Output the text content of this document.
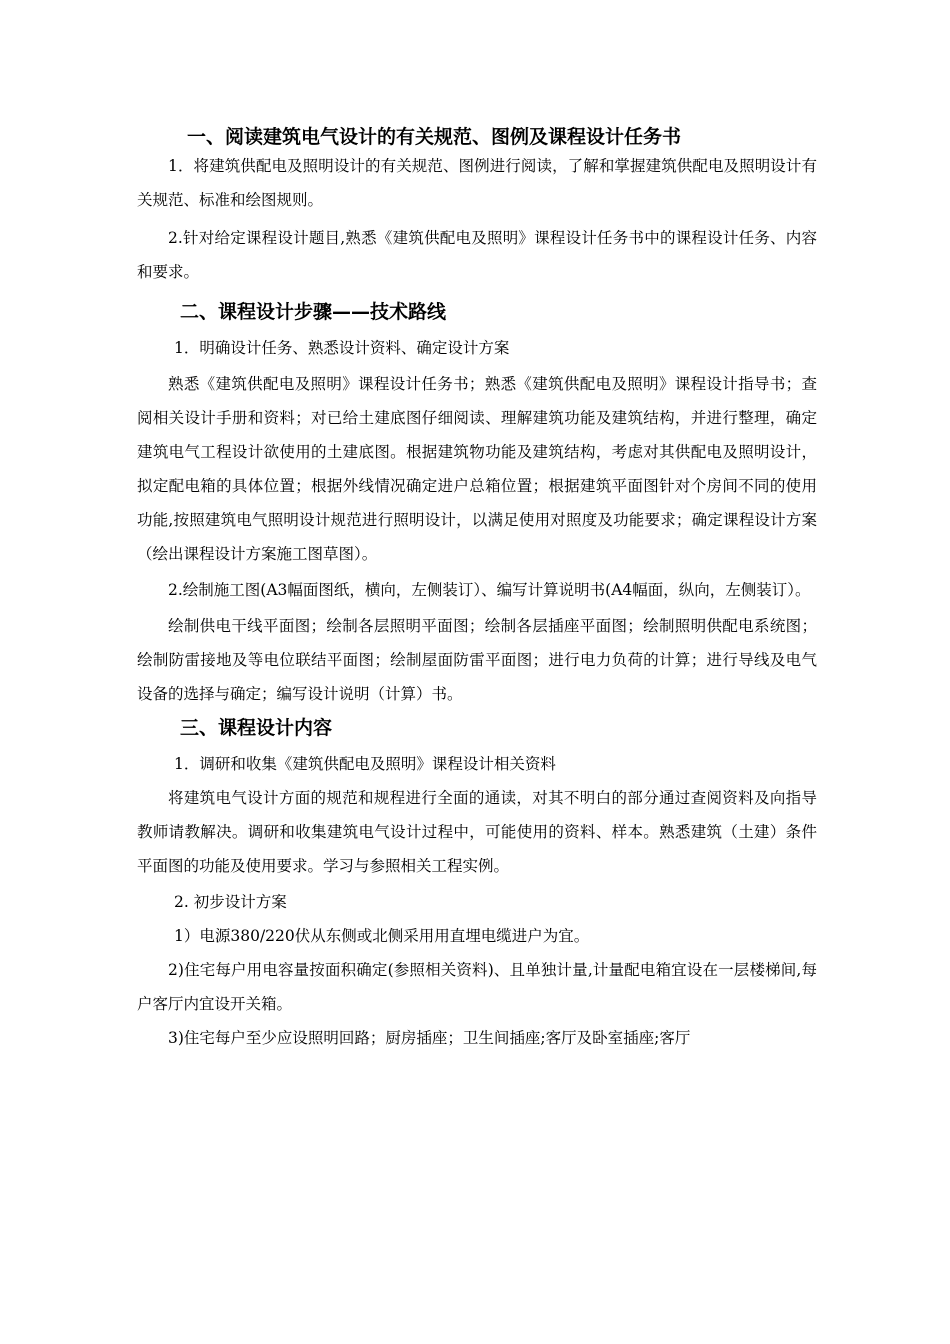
一、阅读建筑电气设计的有关规范、图例及课程设计任务书

1．将建筑供配电及照明设计的有关规范、图例进行阅读，了解和掌握建筑供配电及照明设计有关规范、标准和绘图规则。

2.针对给定课程设计题目,熟悉《建筑供配电及照明》课程设计任务书中的课程设计任务、内容和要求。

二、课程设计步骤——技术路线

1．明确设计任务、熟悉设计资料、确定设计方案

熟悉《建筑供配电及照明》课程设计任务书；熟悉《建筑供配电及照明》课程设计指导书；查阅相关设计手册和资料；对已给土建底图仔细阅读、理解建筑功能及建筑结构，并进行整理，确定建筑电气工程设计欲使用的土建底图。根据建筑物功能及建筑结构，考虑对其供配电及照明设计，拟定配电箱的具体位置；根据外线情况确定进户总箱位置；根据建筑平面图针对个房间不同的使用功能,按照建筑电气照明设计规范进行照明设计，以满足使用对照度及功能要求；确定课程设计方案（绘出课程设计方案施工图草图）。

2.绘制施工图(A3幅面图纸，横向，左侧装订）、编写计算说明书(A4幅面，纵向，左侧装订）。

绘制供电干线平面图；绘制各层照明平面图；绘制各层插座平面图；绘制照明供配电系统图；绘制防雷接地及等电位联结平面图；绘制屋面防雷平面图；进行电力负荷的计算；进行导线及电气设备的选择与确定；编写设计说明（计算）书。

三、课程设计内容

1．调研和收集《建筑供配电及照明》课程设计相关资料

将建筑电气设计方面的规范和规程进行全面的通读，对其不明白的部分通过查阅资料及向指导教师请教解决。调研和收集建筑电气设计过程中，可能使用的资料、样本。熟悉建筑（土建）条件平面图的功能及使用要求。学习与参照相关工程实例。

2. 初步设计方案

1）电源380/220伏从东侧或北侧采用用直埋电缆进户为宜。

2)住宅每户用电容量按面积确定(参照相关资料)、且单独计量,计量配电箱宜设在一层楼梯间,每户客厅内宜设开关箱。

3)住宅每户至少应设照明回路；厨房插座；卫生间插座;客厅及卧室插座;客厅
